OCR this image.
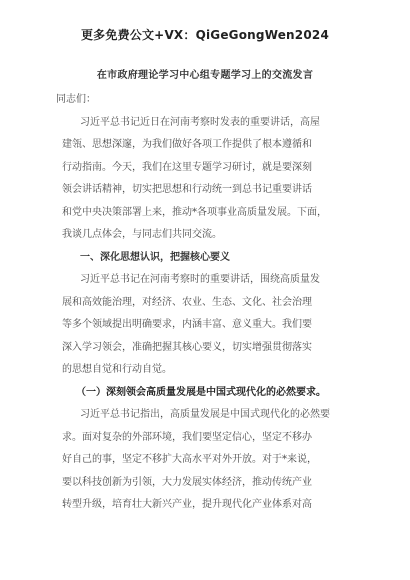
更多免费公文+VX：QiGeGongWen2024
在市政府理论学习中心组专题学习上的交流发言
同志们：
习近平总书记近日在河南考察时发表的重要讲话，高屋
建瓴、思想深邃，为我们做好各项工作提供了根本遵循和
行动指南。今天，我们在这里专题学习研讨，就是要深刻
领会讲话精神，切实把思想和行动统一到总书记重要讲话
和党中央决策部署上来，推动*各项事业高质量发展。下面，
我谈几点体会，与同志们共同交流。
一、深化思想认识，把握核心要义
习近平总书记在河南考察时的重要讲话，围绕高质量发
展和高效能治理，对经济、农业、生态、文化、社会治理
等多个领域提出明确要求，内涵丰富、意义重大。我们要
深入学习领会，准确把握其核心要义，切实增强贯彻落实
的思想自觉和行动自觉。
（一）深刻领会高质量发展是中国式现代化的必然要求。
习近平总书记指出，高质量发展是中国式现代化的必然要
求。面对复杂的外部环境，我们要坚定信心，坚定不移办
好自己的事，坚定不移扩大高水平对外开放。对于*来说，
要以科技创新为引领，大力发展实体经济，推动传统产业
转型升级，培育壮大新兴产业，提升现代化产业体系对高
